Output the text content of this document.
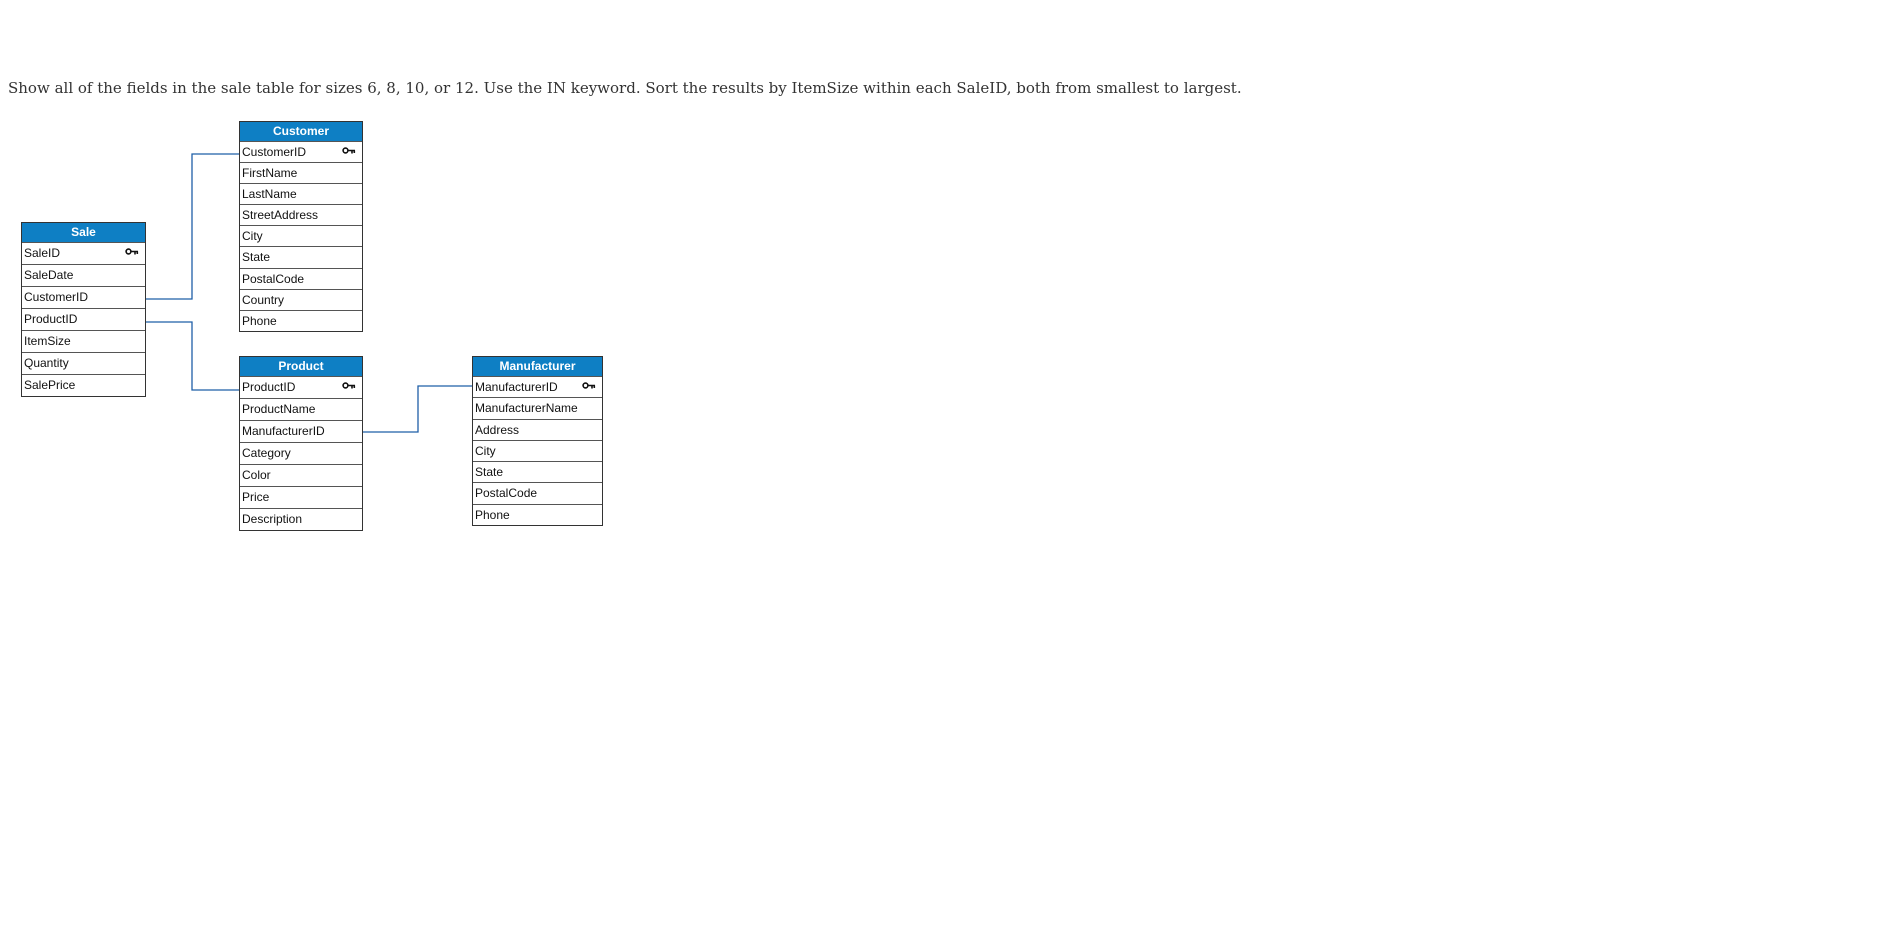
Show all of the fields in the sale table for sizes 6, 8, 10, or 12. Use the IN keyword. Sort the results by ItemSize within each SaleID, both from smallest to largest.
Customer
CustomerID
FirstName
LastName
StreetAddress
City
State
PostalCode
Country
Phone
Sale
SaleID
SaleDate
CustomerID
ProductID
ItemSize
Quantity
SalePrice
Product
ProductID
ProductName
ManufacturerID
Category
Color
Price
Description
Manufacturer
ManufacturerID
ManufacturerName
Address
City
State
PostalCode
Phone
